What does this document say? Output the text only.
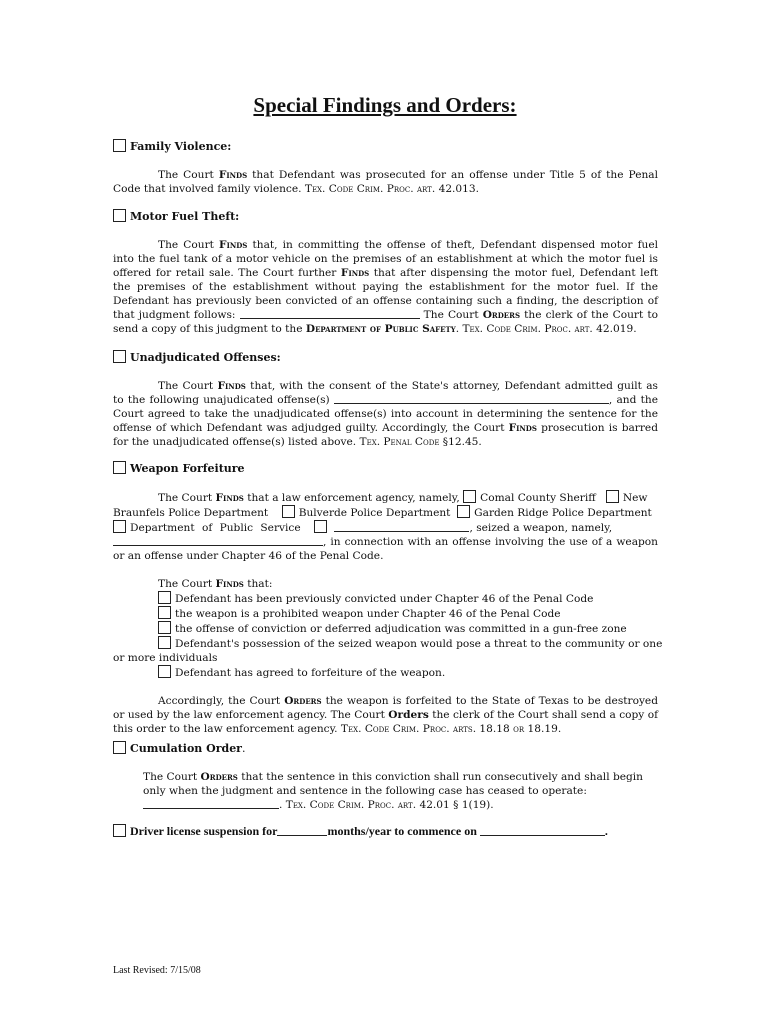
Special Findings and Orders:
Family Violence:

The Court Finds that Defendant was prosecuted for an offense under Title 5 of the Penal Code that involved family violence. Tex. Code Crim. Proc. art. 42.013.

Motor Fuel Theft:

The Court Finds that, in committing the offense of theft, Defendant dispensed motor fuel into the fuel tank of a motor vehicle on the premises of an establishment at which the motor fuel is offered for retail sale. The Court further Finds that after dispensing the motor fuel, Defendant left the premises of the establishment without paying the establishment for the motor fuel. If the Defendant has previously been convicted of an offense containing such a finding, the description of that judgment follows:	The Court Orders the clerk of the Court to send a copy of this judgment to the Department of Public Safety. Tex. Code Crim. Proc. art. 42.019.

Unadjudicated Offenses:

The Court Finds that, with the consent of the State's attorney, Defendant admitted guilt as to the following unajudicated offense(s)	, and the Court agreed to take the unadjudicated offense(s) into account in determining the sentence for the offense of which Defendant was adjudged guilty. Accordingly, the Court Finds prosecution is barred for the unadjudicated offense(s) listed above. Tex. Penal Code §12.45.

Weapon Forfeiture
The Court Finds that a law enforcement agency, namely, Comal County Sheriff	New
Braunfels Police Department	Bulverde Police Department Garden Ridge Police Department
Department of Public Service	, seized a weapon, namely,

, in connection with an offense involving the use of a weapon or an offense under Chapter 46 of the Penal Code.

The Court Finds that:
Defendant has been previously convicted under Chapter 46 of the Penal Code
the weapon is a prohibited weapon under Chapter 46 of the Penal Code
the offense of conviction or deferred adjudication was committed in a gun-free zone
Defendant's possession of the seized weapon would pose a threat to the community or one
or more individuals
Defendant has agreed to forfeiture of the weapon.

Accordingly, the Court Orders the weapon is forfeited to the State of Texas to be destroyed or used by the law enforcement agency. The Court Orders the clerk of the Court shall send a copy of this order to the law enforcement agency. Tex. Code Crim. Proc. arts. 18.18 or 18.19.

Cumulation Order.

The Court Orders that the sentence in this conviction shall run consecutively and shall begin only when the judgment and sentence in the following case has ceased to operate:
. Tex. Code Crim. Proc. art. 42.01 § 1(19).

Driver license suspension for	months/year to commence on	.
Last Revised: 7/15/08
